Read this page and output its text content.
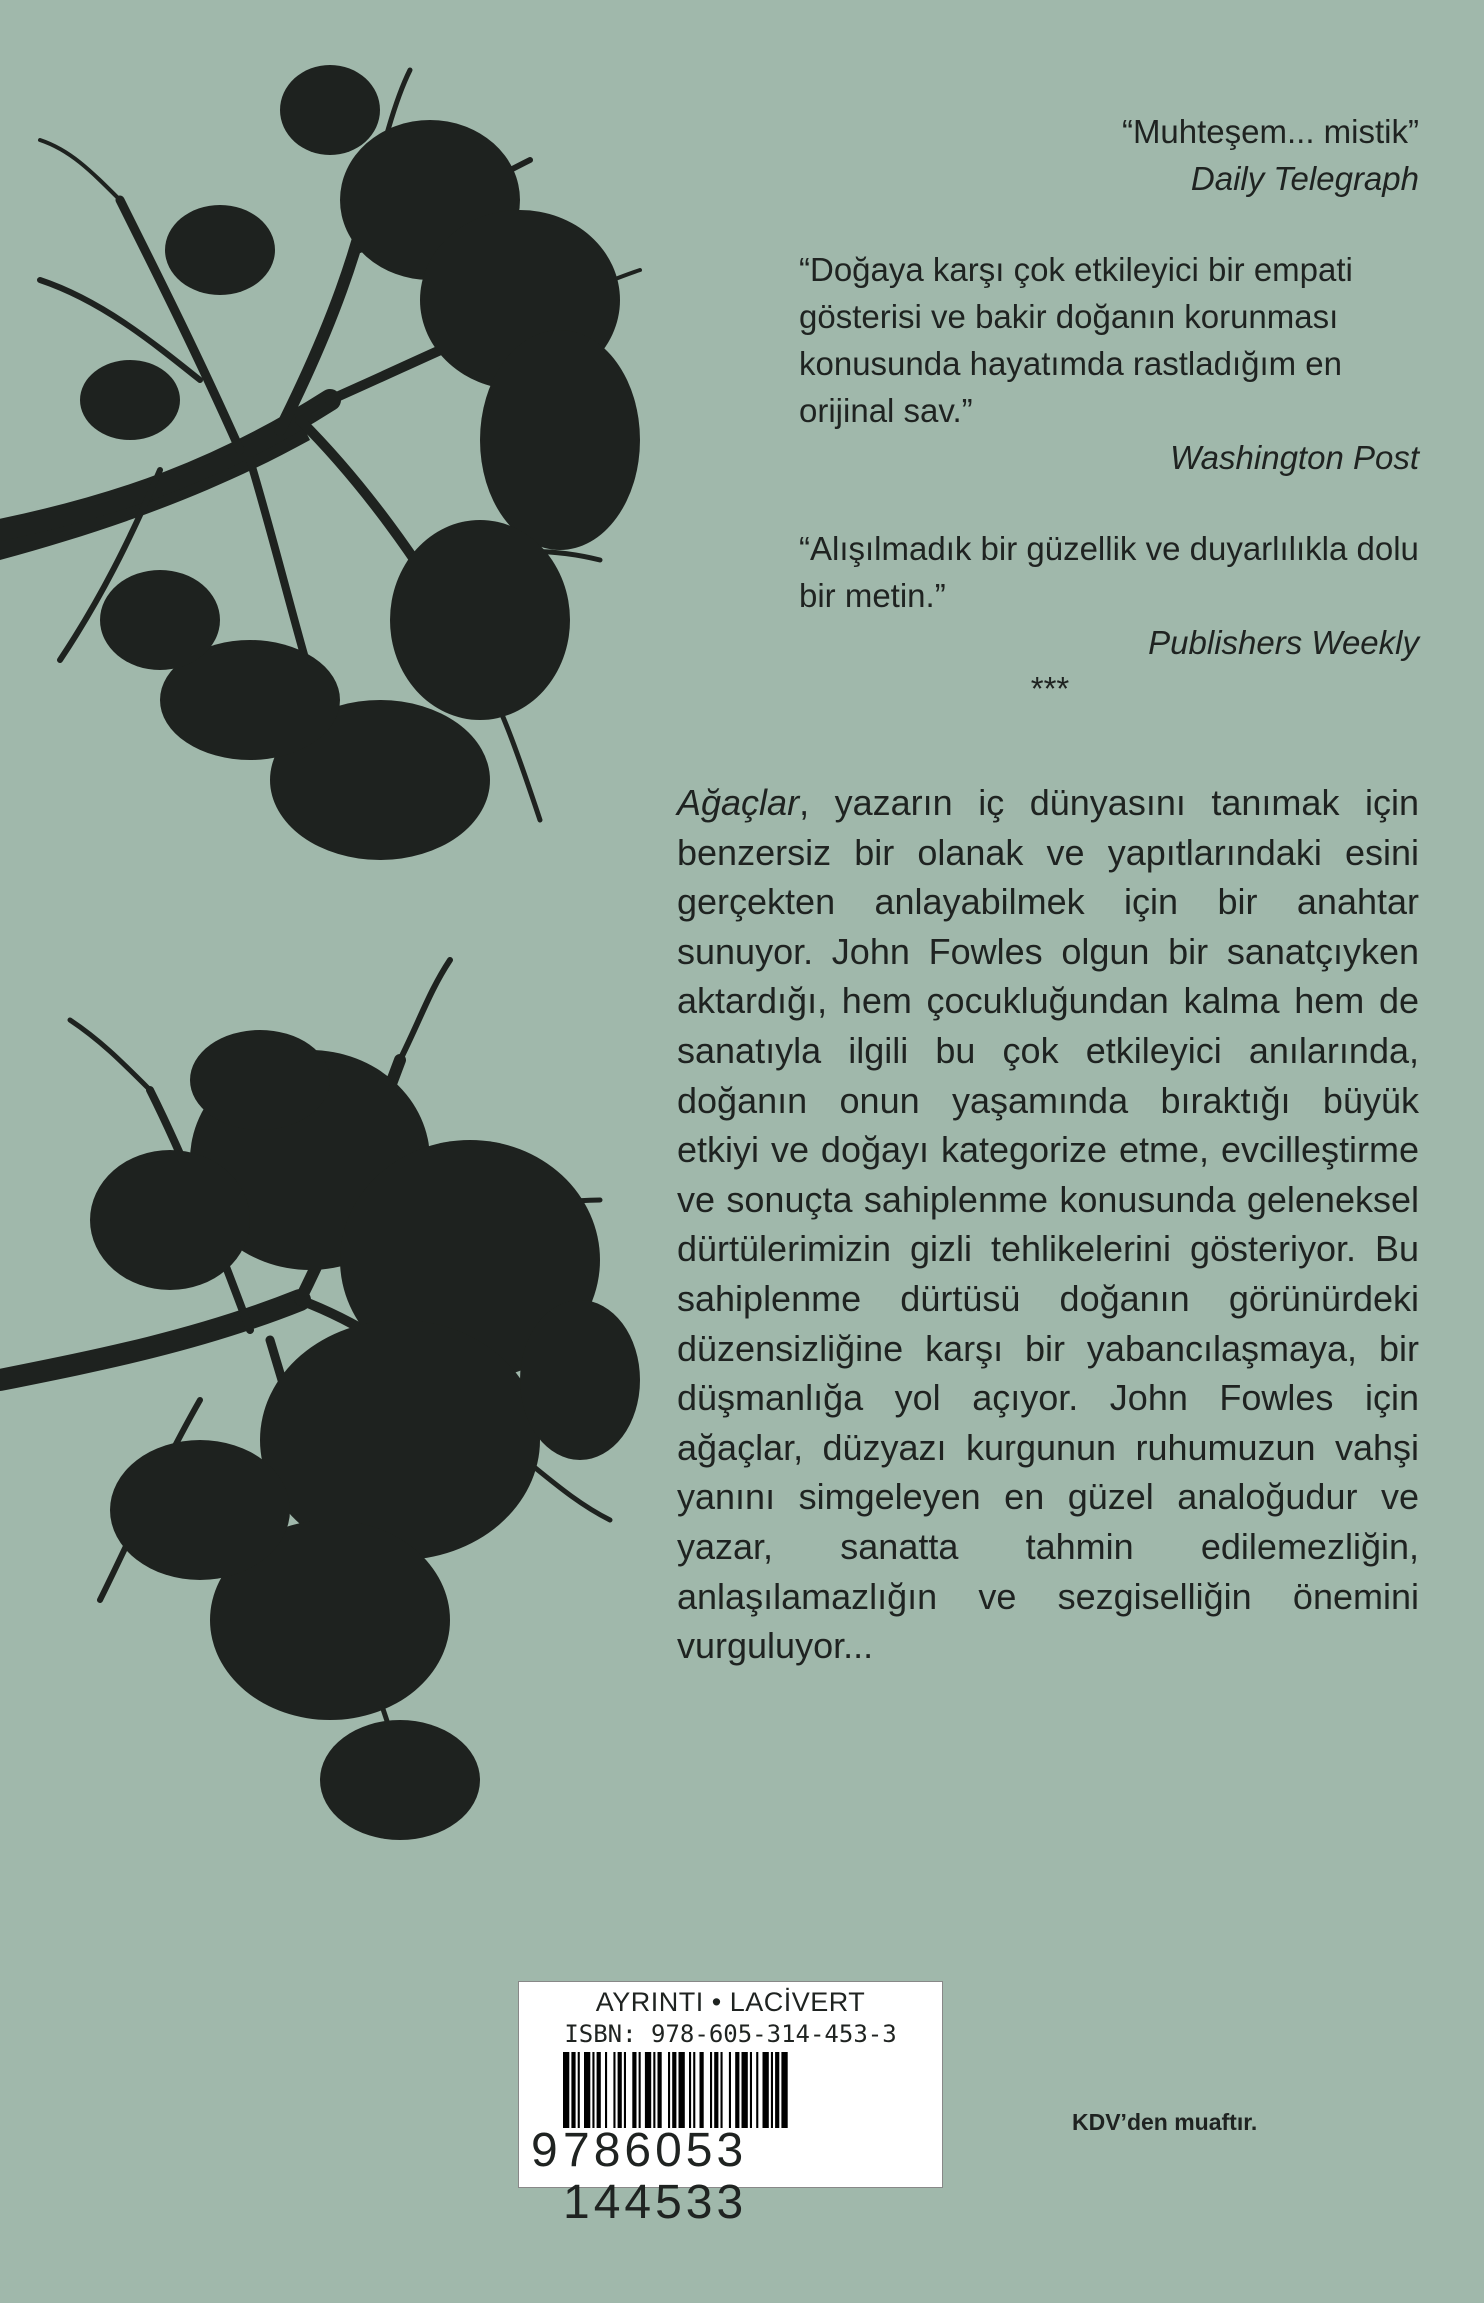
“Muhteşem... mistik”
Daily Telegraph
“Doğaya karşı çok etkileyici bir empati gösterisi ve bakir doğanın korunması konusunda hayatımda rastladığım en orijinal sav.”
Washington Post
“Alışılmadık bir güzellik ve duyarlılıkla dolu bir metin.”
Publishers Weekly
***
Ağaçlar, yazarın iç dünyasını tanımak için benzersiz bir olanak ve yapıtlarındaki esini gerçekten anlayabilmek için bir anahtar sunuyor. John Fowles olgun bir sanatçıyken aktardığı, hem çocukluğundan kalma hem de sanatıyla ilgili bu çok etkileyici anılarında, doğanın onun yaşamında bıraktığı büyük etkiyi ve doğayı kategorize etme, evcilleştirme ve sonuçta sahiplenme konusunda geleneksel dürtülerimizin gizli tehlikelerini gösteriyor. Bu sahiplenme dürtüsü doğanın görünürdeki düzensizliğine karşı bir yabancılaşmaya, bir düşmanlığa yol açıyor. John Fowles için ağaçlar, düzyazı kurgunun ruhumuzun vahşi yanını simgeleyen en güzel analoğudur ve yazar, sanatta tahmin edilemezliğin, anlaşılamazlığın ve sezgiselliğin önemini vurguluyor...
AYRINTI • LACİVERT
ISBN: 978-605-314-453-3
9 786053 144533
KDV’den muaftır.
